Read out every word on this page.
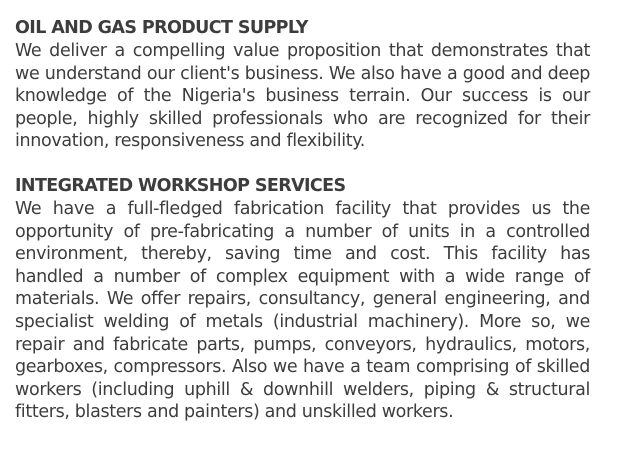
OIL AND GAS PRODUCT SUPPLY
We deliver a compelling value proposition that demonstrates that we understand our client's business. We also have a good and deep knowledge of the Nigeria's business terrain. Our success is our people, highly skilled professionals who are recognized for their innovation, responsiveness and flexibility.
INTEGRATED WORKSHOP SERVICES
We have a full-fledged fabrication facility that provides us the opportunity of pre-fabricating a number of units in a controlled environment, thereby, saving time and cost. This facility has handled a number of complex equipment with a wide range of materials. We offer repairs, consultancy, general engineering, and specialist welding of metals (industrial machinery). More so, we repair and fabricate parts, pumps, conveyors, hydraulics, motors, gearboxes, compressors. Also we have a team comprising of skilled workers (including uphill & downhill welders, piping & structural fitters, blasters and painters) and unskilled workers.
